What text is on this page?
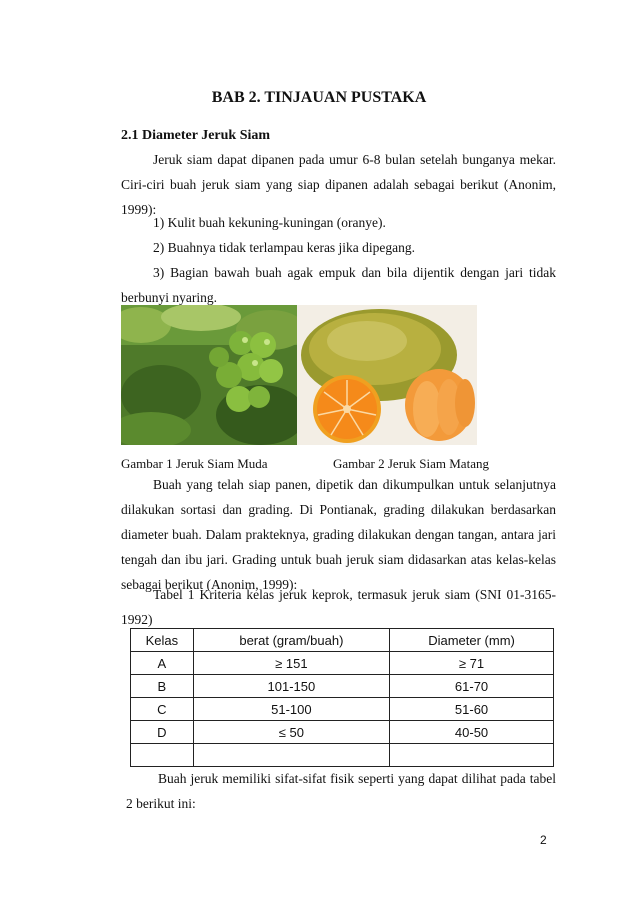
BAB 2. TINJAUAN PUSTAKA
2.1 Diameter Jeruk Siam
Jeruk siam dapat dipanen pada umur 6-8 bulan setelah bunganya mekar. Ciri-ciri buah jeruk siam yang siap dipanen adalah sebagai berikut (Anonim, 1999):
1) Kulit buah kekuning-kuningan (oranye).
2) Buahnya tidak terlampau keras jika dipegang.
3) Bagian bawah buah agak empuk dan bila dijentik dengan jari tidak berbunyi nyaring.
Gambar 1 Jeruk Siam Muda	Gambar 2 Jeruk Siam Matang
Buah yang telah siap panen, dipetik dan dikumpulkan untuk selanjutnya dilakukan sortasi dan grading. Di Pontianak, grading dilakukan berdasarkan diameter buah. Dalam prakteknya, grading dilakukan dengan tangan, antara jari tengah dan ibu jari. Grading untuk buah jeruk siam didasarkan atas kelas-kelas sebagai berikut (Anonim, 1999):
Tabel 1 Kriteria kelas jeruk keprok, termasuk jeruk siam (SNI 01-3165-1992)
Kelas	berat (gram/buah)	Diameter (mm)
A	≥ 151	≥ 71
B	101-150	61-70
C	51-100	51-60
D	≤ 50	40-50

Buah jeruk memiliki sifat-sifat fisik seperti yang dapat dilihat pada tabel 2 berikut ini:
2
